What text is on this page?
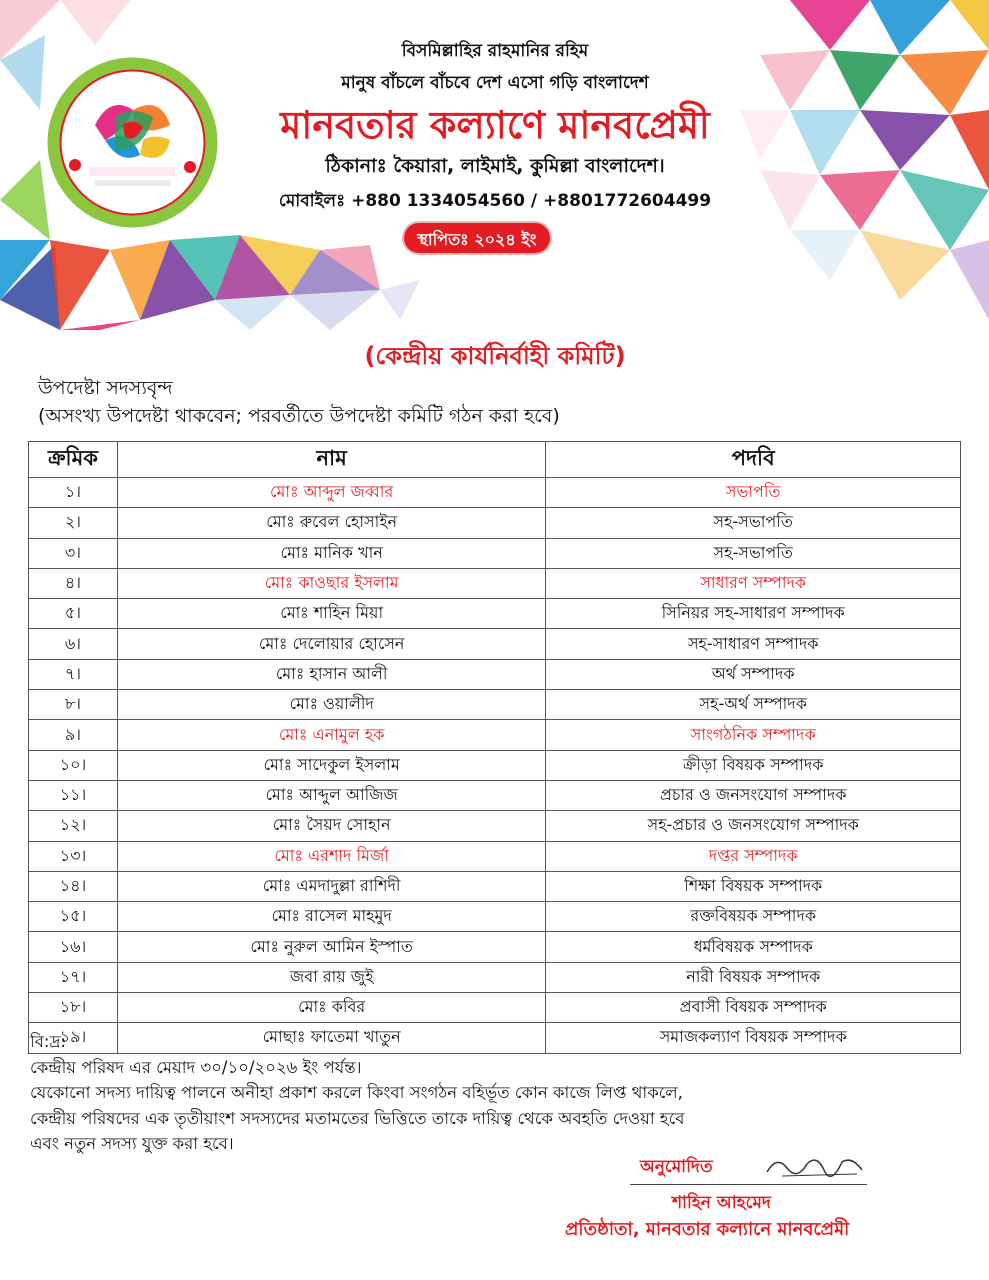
বিসমিল্লাহির রাহমানির রহিম
মানুষ বাঁচলে বাঁচবে দেশ এসো গড়ি বাংলাদেশ
মানবতার কল্যাণে মানবপ্রেমী
ঠিকানাঃ কৈয়ারা, লাইমাই, কুমিল্লা বাংলাদেশ।
মোবাইলঃ +880 1334054560 / +8801772604499
স্থাপিতঃ ২০২৪ ইং
(কেন্দ্রীয় কার্যনির্বাহী কমিটি)
উপদেষ্টা সদস্যবৃন্দ
(অসংখ্য উপদেষ্টা থাকবেন; পরবর্তীতে উপদেষ্টা কমিটি গঠন করা হবে)
ক্রমিক	নাম	পদবি
১।	মোঃ আব্দুল জব্বার	সভাপতি
২।	মোঃ রুবেল হোসাইন	সহ-সভাপতি
৩।	মোঃ মানিক খান	সহ-সভাপতি
৪।	মোঃ কাওছার ইসলাম	সাধারণ সম্পাদক
৫।	মোঃ শাহিন মিয়া	সিনিয়র সহ-সাধারণ সম্পাদক
৬।	মোঃ দেলোয়ার হোসেন	সহ-সাধারণ সম্পাদক
৭।	মোঃ হাসান আলী	অর্থ সম্পাদক
৮।	মোঃ ওয়ালীদ	সহ-অর্থ সম্পাদক
৯।	মোঃ এনামুল হক	সাংগঠনিক সম্পাদক
১০।	মোঃ সাদেকুল ইসলাম	ক্রীড়া বিষয়ক সম্পাদক
১১।	মোঃ আব্দুল আজিজ	প্রচার ও জনসংযোগ সম্পাদক
১২।	মোঃ সৈয়দ সোহান	সহ-প্রচার ও জনসংযোগ সম্পাদক
১৩।	মোঃ এরশাদ মির্জা	দপ্তর সম্পাদক
১৪।	মোঃ এমদাদুল্লা রাশিদী	শিক্ষা বিষয়ক সম্পাদক
১৫।	মোঃ রাসেল মাহমুদ	রক্তবিষয়ক সম্পাদক
১৬।	মোঃ নুরুল আমিন ইস্পাত	ধর্মবিষয়ক সম্পাদক
১৭।	জবা রায় জুই	নারী বিষয়ক সম্পাদক
১৮।	মোঃ কবির	প্রবাসী বিষয়ক সম্পাদক
১৯।	মোছাঃ ফাতেমা খাতুন	সমাজকল্যাণ বিষয়ক সম্পাদক
বি:দ্র:
কেন্দ্রীয় পরিষদ এর মেয়াদ ৩০/১০/২০২৬ ইং পর্যন্ত।
যেকোনো সদস্য দায়িত্ব পালনে অনীহা প্রকাশ করলে কিংবা সংগঠন বহির্ভূত কোন কাজে লিপ্ত থাকলে,
কেন্দ্রীয় পরিষদের এক তৃতীয়াংশ সদস্যদের মতামতের ভিত্তিতে তাকে দায়িত্ব থেকে অবহতি দেওয়া হবে
এবং নতুন সদস্য যুক্ত করা হবে।
অনুমোদিত
শাহিন আহমেদ
প্রতিষ্ঠাতা, মানবতার কল্যানে মানবপ্রেমী
